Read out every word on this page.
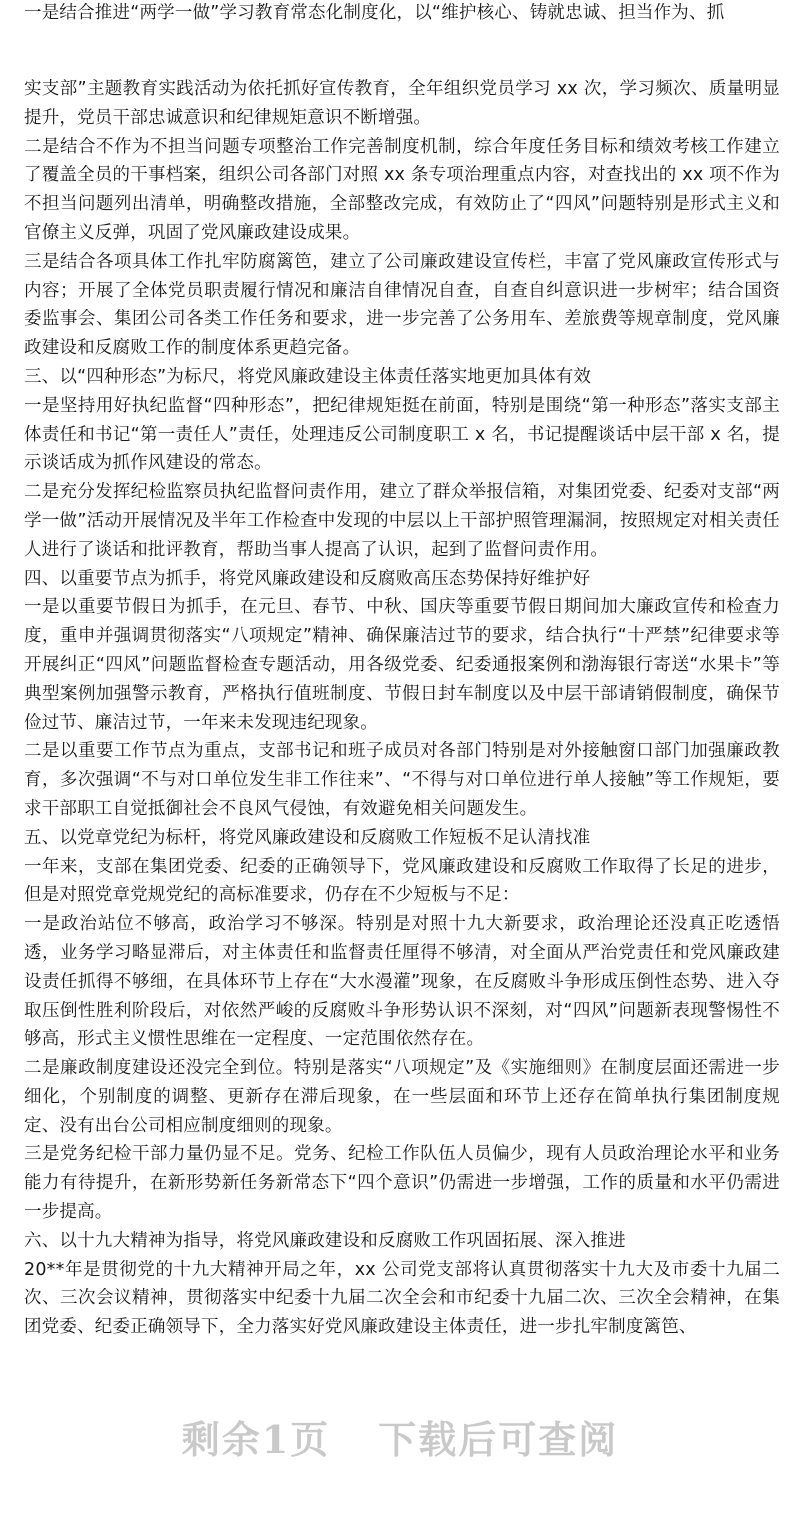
一是结合推进“两学一做”学习教育常态化制度化，以“维护核心、铸就忠诚、担当作为、抓

实支部”主题教育实践活动为依托抓好宣传教育，全年组织党员学习 xx 次，学习频次、质量明显提升，党员干部忠诚意识和纪律规矩意识不断增强。

二是结合不作为不担当问题专项整治工作完善制度机制，综合年度任务目标和绩效考核工作建立了覆盖全员的干事档案，组织公司各部门对照 xx 条专项治理重点内容，对查找出的 xx 项不作为不担当问题列出清单，明确整改措施，全部整改完成，有效防止了“四风”问题特别是形式主义和官僚主义反弹，巩固了党风廉政建设成果。

三是结合各项具体工作扎牢防腐篱笆，建立了公司廉政建设宣传栏，丰富了党风廉政宣传形式与内容；开展了全体党员职责履行情况和廉洁自律情况自查，自查自纠意识进一步树牢；结合国资委监事会、集团公司各类工作任务和要求，进一步完善了公务用车、差旅费等规章制度，党风廉政建设和反腐败工作的制度体系更趋完备。

三、以“四种形态”为标尺，将党风廉政建设主体责任落实地更加具体有效

一是坚持用好执纪监督“四种形态”，把纪律规矩挺在前面，特别是围绕“第一种形态”落实支部主体责任和书记“第一责任人”责任，处理违反公司制度职工 x 名，书记提醒谈话中层干部 x 名，提示谈话成为抓作风建设的常态。

二是充分发挥纪检监察员执纪监督问责作用，建立了群众举报信箱，对集团党委、纪委对支部“两学一做”活动开展情况及半年工作检查中发现的中层以上干部护照管理漏洞，按照规定对相关责任人进行了谈话和批评教育，帮助当事人提高了认识，起到了监督问责作用。

四、以重要节点为抓手，将党风廉政建设和反腐败高压态势保持好维护好

一是以重要节假日为抓手，在元旦、春节、中秋、国庆等重要节假日期间加大廉政宣传和检查力度，重申并强调贯彻落实“八项规定”精神、确保廉洁过节的要求，结合执行“十严禁”纪律要求等开展纠正“四风”问题监督检查专题活动，用各级党委、纪委通报案例和渤海银行寄送“水果卡”等典型案例加强警示教育，严格执行值班制度、节假日封车制度以及中层干部请销假制度，确保节俭过节、廉洁过节，一年来未发现违纪现象。

二是以重要工作节点为重点，支部书记和班子成员对各部门特别是对外接触窗口部门加强廉政教育，多次强调“不与对口单位发生非工作往来”、“不得与对口单位进行单人接触”等工作规矩，要求干部职工自觉抵御社会不良风气侵蚀，有效避免相关问题发生。

五、以党章党纪为标杆，将党风廉政建设和反腐败工作短板不足认清找准

一年来，支部在集团党委、纪委的正确领导下，党风廉政建设和反腐败工作取得了长足的进步，但是对照党章党规党纪的高标准要求，仍存在不少短板与不足：

一是政治站位不够高，政治学习不够深。特别是对照十九大新要求，政治理论还没真正吃透悟透，业务学习略显滞后，对主体责任和监督责任厘得不够清，对全面从严治党责任和党风廉政建设责任抓得不够细，在具体环节上存在“大水漫灌”现象，在反腐败斗争形成压倒性态势、进入夺取压倒性胜利阶段后，对依然严峻的反腐败斗争形势认识不深刻，对“四风”问题新表现警惕性不够高，形式主义惯性思维在一定程度、一定范围依然存在。

二是廉政制度建设还没完全到位。特别是落实“八项规定”及《实施细则》在制度层面还需进一步细化，个别制度的调整、更新存在滞后现象，在一些层面和环节上还存在简单执行集团制度规定、没有出台公司相应制度细则的现象。

三是党务纪检干部力量仍显不足。党务、纪检工作队伍人员偏少，现有人员政治理论水平和业务能力有待提升，在新形势新任务新常态下“四个意识”仍需进一步增强，工作的质量和水平仍需进一步提高。

六、以十九大精神为指导，将党风廉政建设和反腐败工作巩固拓展、深入推进

20**年是贯彻党的十九大精神开局之年，xx 公司党支部将认真贯彻落实十九大及市委十九届二次、三次会议精神，贯彻落实中纪委十九届二次全会和市纪委十九届二次、三次全会精神，在集团党委、纪委正确领导下，全力落实好党风廉政建设主体责任，进一步扎牢制度篱笆、

剩余1页 下载后可查阅
